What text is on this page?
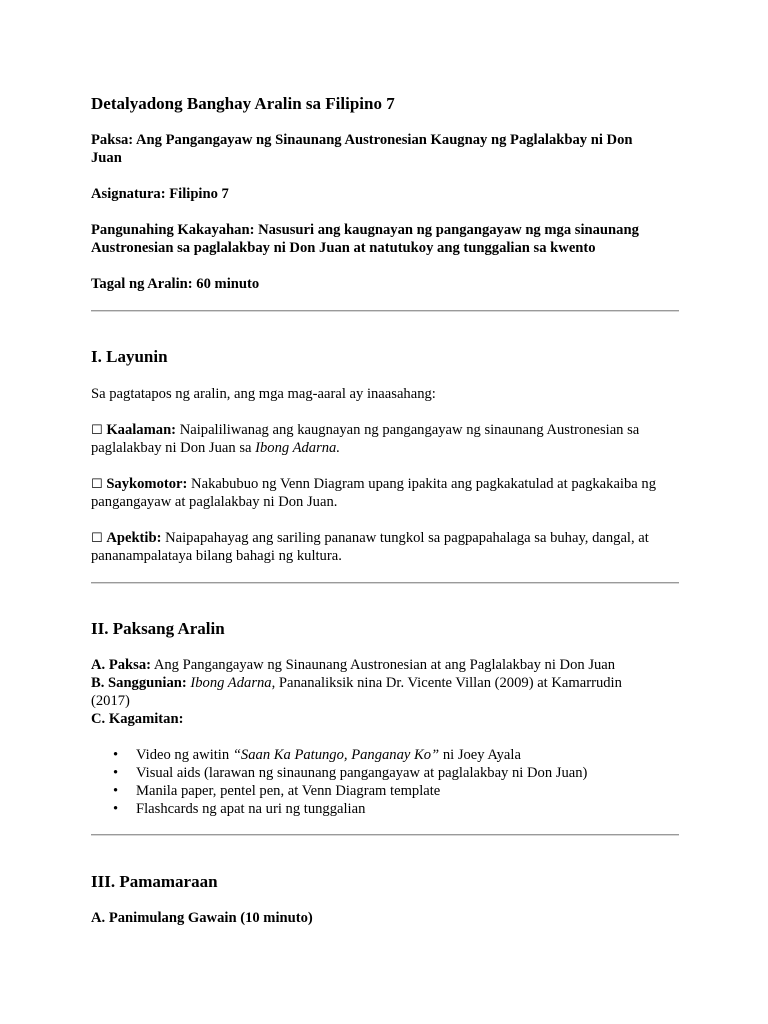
Detalyadong Banghay Aralin sa Filipino 7
Paksa: Ang Pangangayaw ng Sinaunang Austronesian Kaugnay ng Paglalakbay ni Don
Juan
Asignatura: Filipino 7
Pangunahing Kakayahan: Nasusuri ang kaugnayan ng pangangayaw ng mga sinaunang
Austronesian sa paglalakbay ni Don Juan at natutukoy ang tunggalian sa kwento
Tagal ng Aralin: 60 minuto
I. Layunin
Sa pagtatapos ng aralin, ang mga mag-aaral ay inaasahang:
☐ Kaalaman: Naipaliliwanag ang kaugnayan ng pangangayaw ng sinaunang Austronesian sa
paglalakbay ni Don Juan sa Ibong Adarna.
☐ Saykomotor: Nakabubuo ng Venn Diagram upang ipakita ang pagkakatulad at pagkakaiba ng
pangangayaw at paglalakbay ni Don Juan.
☐ Apektib: Naipapahayag ang sariling pananaw tungkol sa pagpapahalaga sa buhay, dangal, at
pananampalataya bilang bahagi ng kultura.
II. Paksang Aralin
A. Paksa: Ang Pangangayaw ng Sinaunang Austronesian at ang Paglalakbay ni Don Juan
B. Sanggunian: Ibong Adarna, Pananaliksik nina Dr. Vicente Villan (2009) at Kamarrudin
(2017)
C. Kagamitan:
• Video ng awitin “Saan Ka Patungo, Panganay Ko” ni Joey Ayala
• Visual aids (larawan ng sinaunang pangangayaw at paglalakbay ni Don Juan)
• Manila paper, pentel pen, at Venn Diagram template
• Flashcards ng apat na uri ng tunggalian
III. Pamamaraan
A. Panimulang Gawain (10 minuto)
